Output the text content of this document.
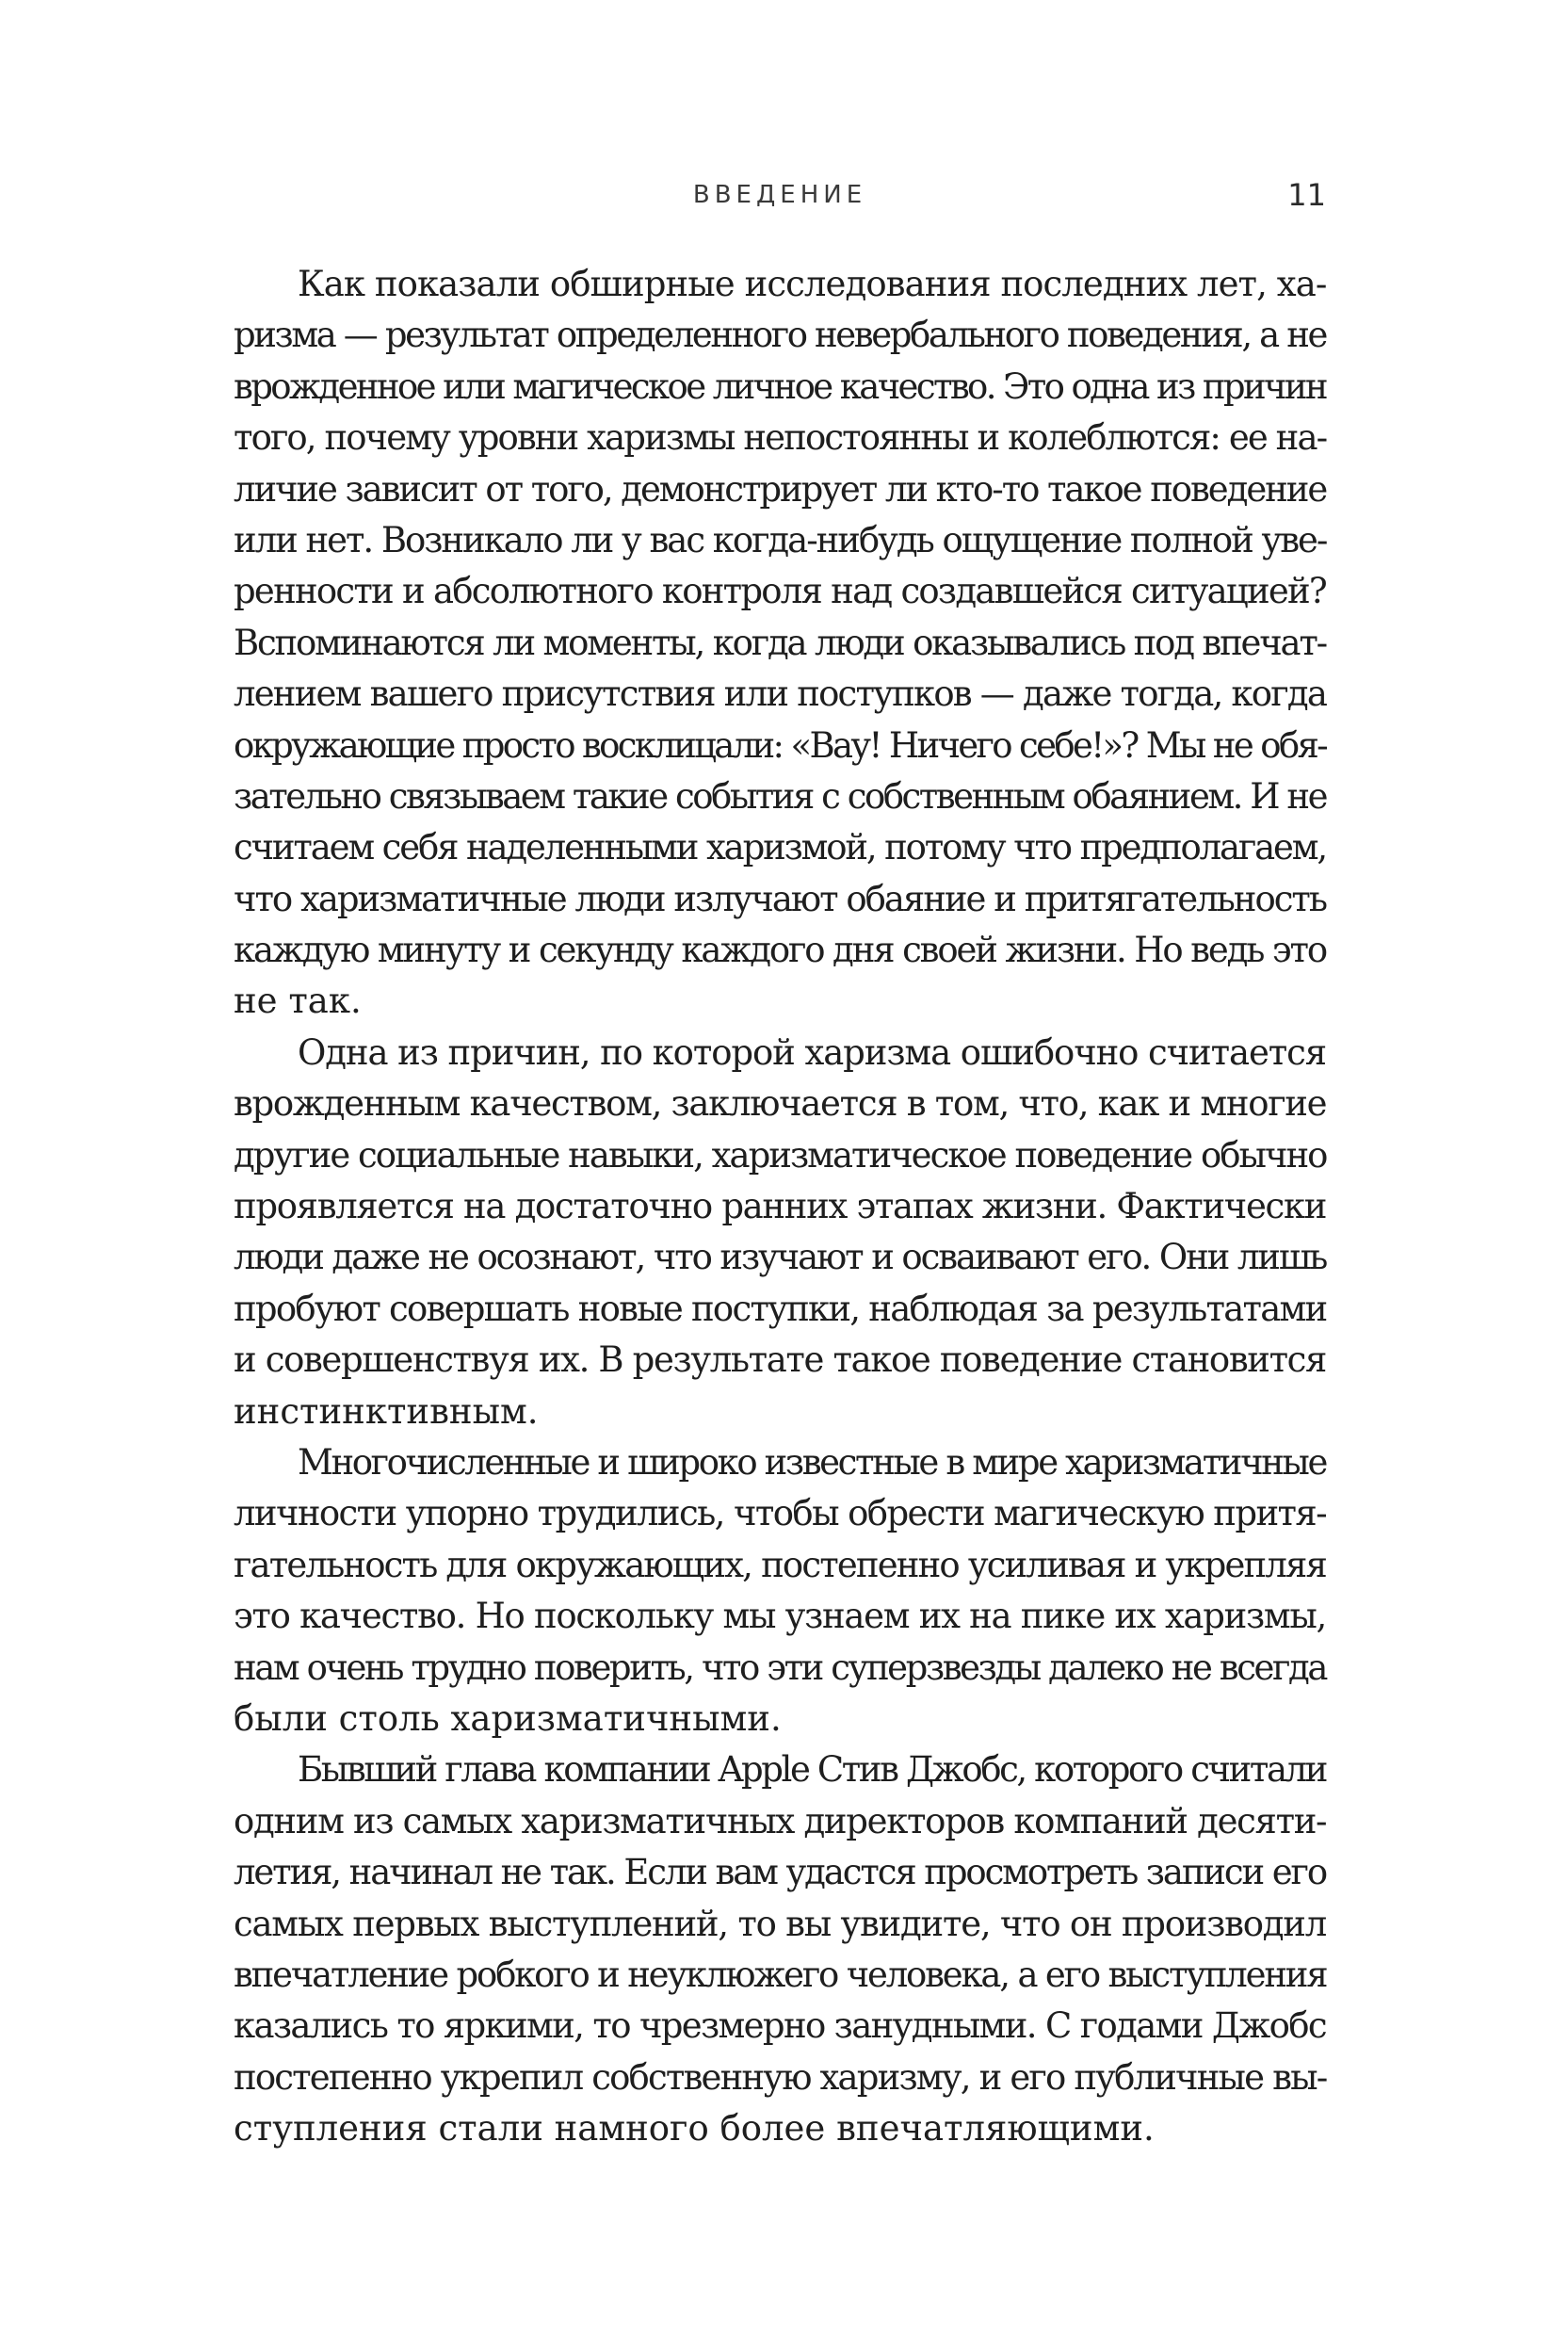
ВВЕДЕНИЕ	11
Как показали обширные исследования последних лет, ха-
ризма — результат определенного невербального поведения, а не
врожденное или магическое личное качество. Это одна из причин
того, почему уровни харизмы непостоянны и колеблются: ее на-
личие зависит от того, демонстрирует ли кто-то такое поведение
или нет. Возникало ли у вас когда-нибудь ощущение полной уве-
ренности и абсолютного контроля над создавшейся ситуацией?
Вспоминаются ли моменты, когда люди оказывались под впечат-
лением вашего присутствия или поступков — даже тогда, когда
окружающие просто восклицали: «Вау! Ничего себе!»? Мы не обя-
зательно связываем такие события с собственным обаянием. И не
считаем себя наделенными харизмой, потому что предполагаем,
что харизматичные люди излучают обаяние и притягательность
каждую минуту и секунду каждого дня своей жизни. Но ведь это
не так.
Одна из причин, по которой харизма ошибочно считается
врожденным качеством, заключается в том, что, как и многие
другие социальные навыки, харизматическое поведение обычно
проявляется на достаточно ранних этапах жизни. Фактически
люди даже не осознают, что изучают и осваивают его. Они лишь
пробуют совершать новые поступки, наблюдая за результатами
и совершенствуя их. В результате такое поведение становится
инстинктивным.
Многочисленные и широко известные в мире харизматичные
личности упорно трудились, чтобы обрести магическую притя-
гательность для окружающих, постепенно усиливая и укрепляя
это качество. Но поскольку мы узнаем их на пике их харизмы,
нам очень трудно поверить, что эти суперзвезды далеко не всегда
были столь харизматичными.
Бывший глава компании Apple Стив Джобс, которого считали
одним из самых харизматичных директоров компаний десяти-
летия, начинал не так. Если вам удастся просмотреть записи его
самых первых выступлений, то вы увидите, что он производил
впечатление робкого и неуклюжего человека, а его выступления
казались то яркими, то чрезмерно занудными. С годами Джобс
постепенно укрепил собственную харизму, и его публичные вы-
ступления стали намного более впечатляющими.
